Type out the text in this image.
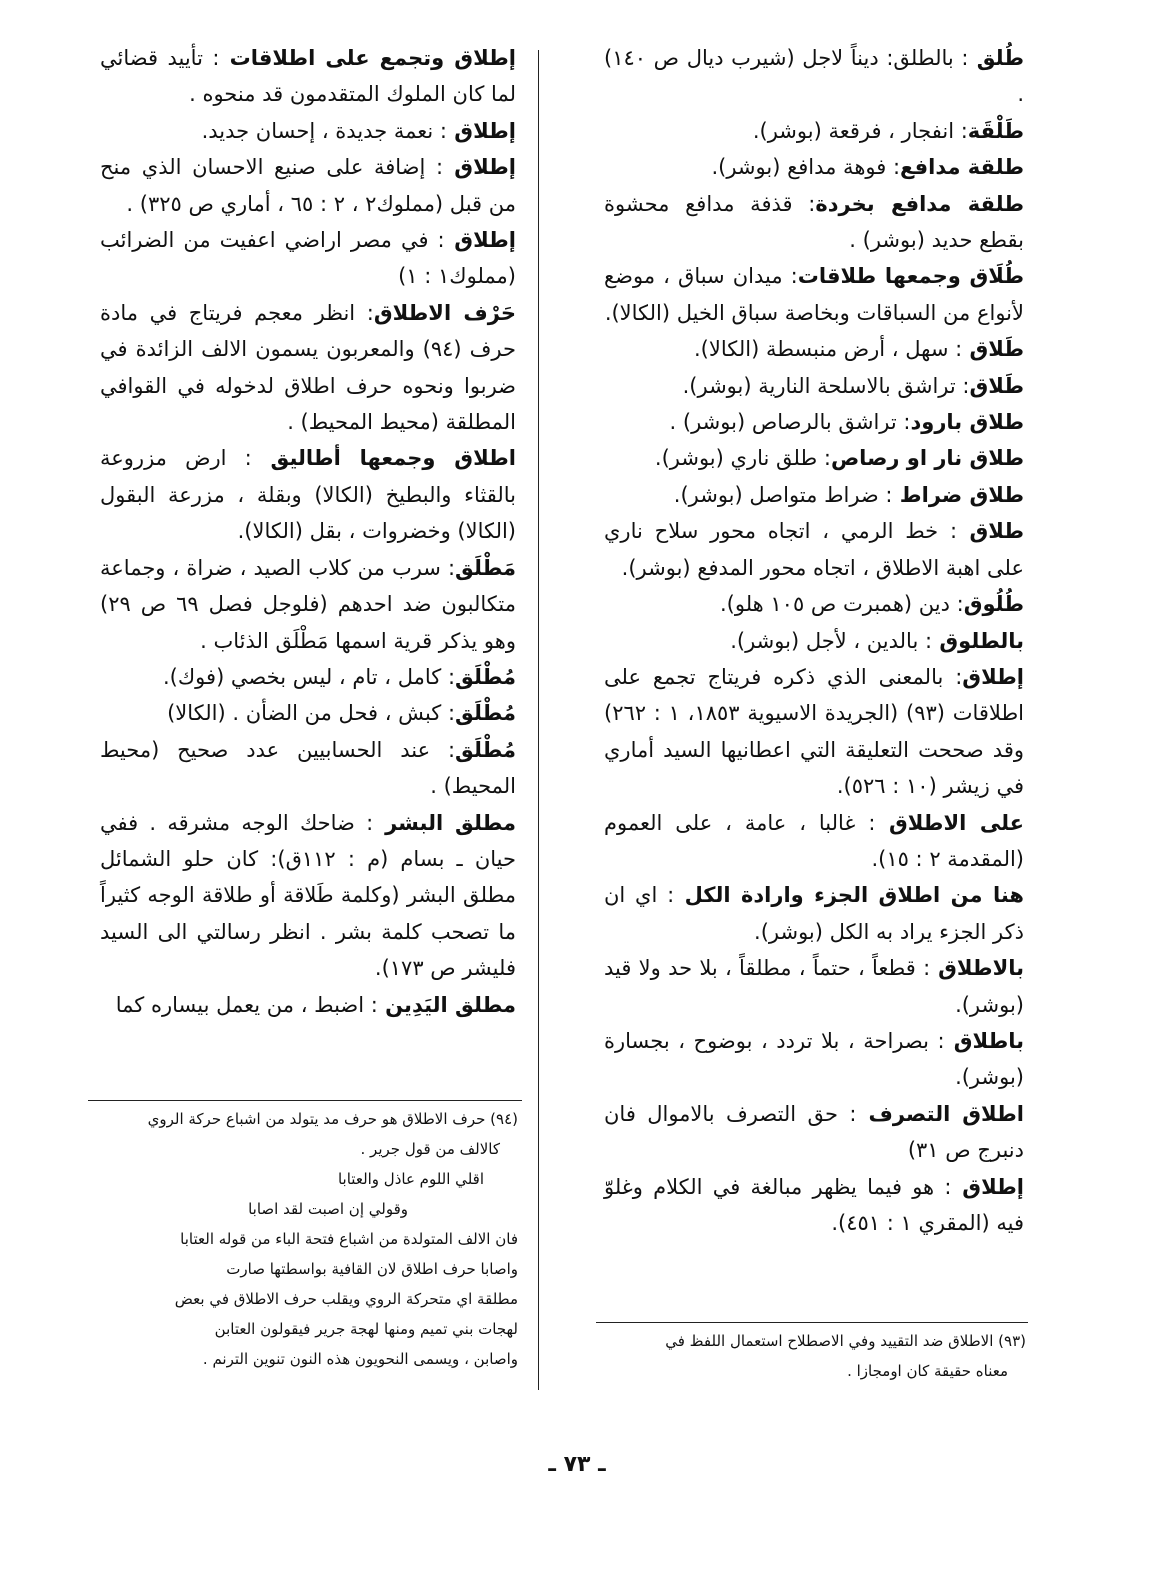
طُلق : بالطلق: ديناً لاجل (شيرب ديال ص ١٤٠) .

طَلْقَة: انفجار ، فرقعة (بوشر).

طلقة مدافع: فوهة مدافع (بوشر).

طلقة مدافع بخردة: قذفة مدافع محشوة بقطع حديد (بوشر) .

طُلَاق وجمعها طلاقات: ميدان سباق ، موضع لأنواع من السباقات وبخاصة سباق الخيل (الكالا).

طَلاق : سهل ، أرض منبسطة (الكالا).

طَلاق: تراشق بالاسلحة النارية (بوشر).

طلاق بارود: تراشق بالرصاص (بوشر) .

طلاق نار او رصاص: طلق ناري (بوشر).

طلاق ضراط : ضراط متواصل (بوشر).

طلاق : خط الرمي ، اتجاه محور سلاح ناري على اهبة الاطلاق ، اتجاه محور المدفع (بوشر).

طُلُوق: دين (همبرت ص ١٠٥ هلو).

بالطلوق : بالدين ، لأجل (بوشر).

إطلاق: بالمعنى الذي ذكره فريتاج تجمع على اطلاقات (٩٣) (الجريدة الاسيوية ١٨٥٣، ١ : ٢٦٢) وقد صححت التعليقة التي اعطانيها السيد أماري في زيشر (١٠ : ٥٢٦).

على الاطلاق : غالبا ، عامة ، على العموم (المقدمة ٢ : ١٥).

هنا من اطلاق الجزء وارادة الكل : اي ان ذكر الجزء يراد به الكل (بوشر).

بالاطلاق : قطعاً ، حتماً ، مطلقاً ، بلا حد ولا قيد (بوشر).

باطلاق : بصراحة ، بلا تردد ، بوضوح ، بجسارة (بوشر).

اطلاق التصرف : حق التصرف بالاموال فان دنبرج ص ٣١)

إطلاق : هو فيما يظهر مبالغة في الكلام وغلوّ فيه (المقري ١ : ٤٥١).

إطلاق وتجمع على اطلاقات : تأييد قضائي لما كان الملوك المتقدمون قد منحوه .

إطلاق : نعمة جديدة ، إحسان جديد.

إطلاق : إضافة على صنيع الاحسان الذي منح من قبل (مملوك٢ ، ٢ : ٦٥ ، أماري ص ٣٢٥) .

إطلاق : في مصر اراضي اعفيت من الضرائب (مملوك١ : ١)

حَرْف الاطلاق: انظر معجم فريتاج في مادة حرف (٩٤) والمعربون يسمون الالف الزائدة في ضربوا ونحوه حرف اطلاق لدخوله في القوافي المطلقة (محيط المحيط) .

اطلاق وجمعها أطاليق : ارض مزروعة بالقثاء والبطيخ (الكالا) وبقلة ، مزرعة البقول (الكالا) وخضروات ، بقل (الكالا).

مَطْلَق: سرب من كلاب الصيد ، ضراة ، وجماعة متكالبون ضد احدهم (فلوجل فصل ٦٩ ص ٢٩) وهو يذكر قرية اسمها مَطْلَق الذئاب .

مُطْلَق: كامل ، تام ، ليس بخصي (فوك).

مُطْلَق: كبش ، فحل من الضأن . (الكالا)

مُطْلَق: عند الحسابيين عدد صحيح (محيط المحيط) .

مطلق البشر : ضاحك الوجه مشرقه . ففي حيان ـ بسام (م : ١١٢ق): كان حلو الشمائل مطلق البشر (وكلمة طَلاقة أو طلاقة الوجه كثيراً ما تصحب كلمة بشر . انظر رسالتي الى السيد فليشر ص ١٧٣).

مطلق اليَدِين : اضبط ، من يعمل بيساره كما

(٩٤) حرف الاطلاق هو حرف مد يتولد من اشباع حركة الروي

كالالف من قول جرير .

اقلي اللوم عاذل والعتابا

وقولي إن اصبت لقد اصابا

فان الالف المتولدة من اشباع فتحة الباء من قوله العتابا

واصابا حرف اطلاق لان القافية بواسطتها صارت

مطلقة اي متحركة الروي ويقلب حرف الاطلاق في بعض

لهجات بني تميم ومنها لهجة جرير فيقولون العتابن

واصابن ، ويسمى النحويون هذه النون تنوين الترنم .

(٩٣) الاطلاق ضد التقييد وفي الاصطلاح استعمال اللفظ في

معناه حقيقة كان اومجازا .

ـ ٧٣ ـ
